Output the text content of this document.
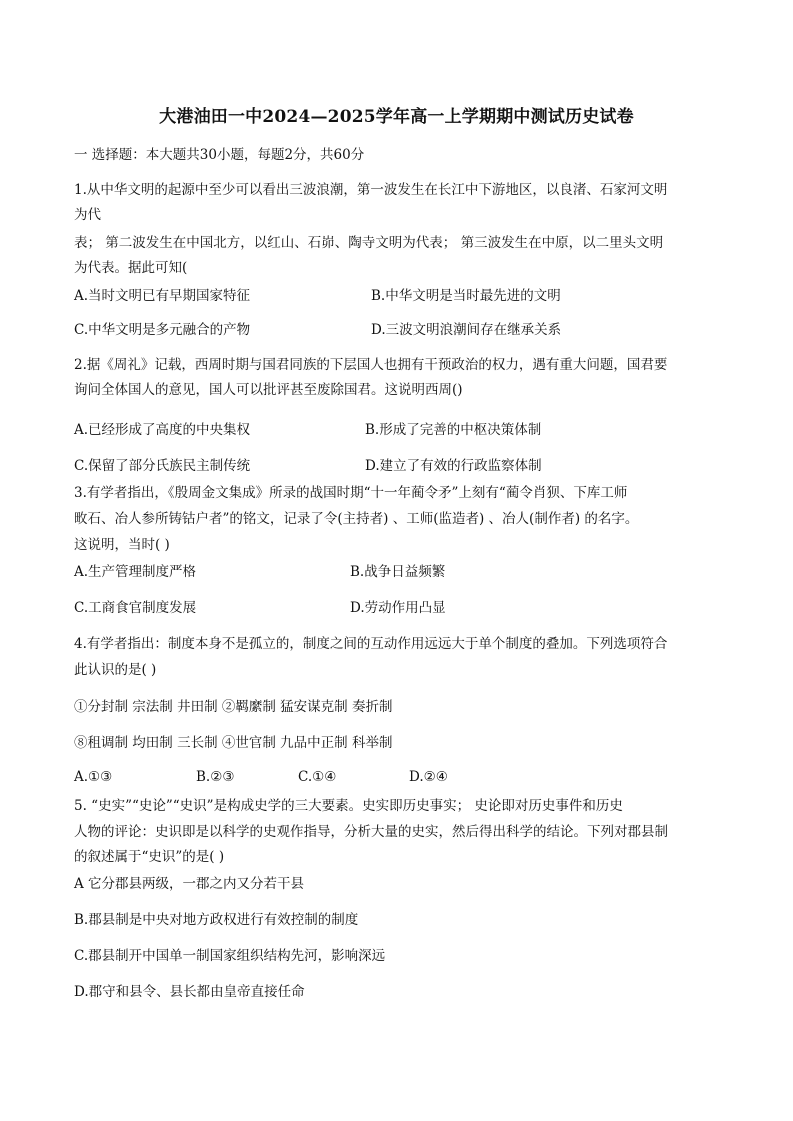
大港油田一中2024—2025学年高一上学期期中测试历史试卷

一 选择题：本大题共30小题，每题2分，共60分

1.从中华文明的起源中至少可以看出三波浪潮，第一波发生在长江中下游地区，以良渚、石家河文明

为代

表； 第二波发生在中国北方，以红山、石峁、陶寺文明为代表； 第三波发生在中原，以二里头文明

为代表。据此可知(

A.当时文明已有早期国家特征	B.中华文明是当时最先进的文明

C.中华文明是多元融合的产物	D.三波文明浪潮间存在继承关系

2.据《周礼》记载，西周时期与国君同族的下层国人也拥有干预政治的权力，遇有重大问题，国君要

询问全体国人的意见，国人可以批评甚至废除国君。这说明西周()

A.已经形成了高度的中央集权	B.形成了完善的中枢决策体制

C.保留了部分氏族民主制传统	D.建立了有效的行政监察体制

3.有学者指出，《殷周金文集成》所录的战国时期“十一年蔺令矛”上刻有“蔺令肖狈、下库工师

畋石、冶人参所铸钴户者”的铭文，记录了令(主持者) 、工师(监造者) 、冶人(制作者) 的名字。

这说明，当时( )

A.生产管理制度严格	B.战争日益频繁

C.工商食官制度发展	D.劳动作用凸显

4.有学者指出：制度本身不是孤立的，制度之间的互动作用远远大于单个制度的叠加。下列选项符合

此认识的是( )

①分封制 宗法制 井田制 ②羁縻制 猛安谋克制 奏折制

⑧租调制 均田制 三长制 ④世官制 九品中正制 科举制

A.①③	B.②③	C.①④	D.②④

5. “史实”“史论”“史识”是构成史学的三大要素。史实即历史事实； 史论即对历史事件和历史

人物的评论：史识即是以科学的史观作指导，分析大量的史实，然后得出科学的结论。下列对郡县制

的叙述属于“史识”的是( )

A 它分郡县两级，一郡之内又分若干县

B.郡县制是中央对地方政权进行有效控制的制度

C.郡县制开中国单一制国家组织结构先河，影响深远

D.郡守和县令、县长都由皇帝直接任命
